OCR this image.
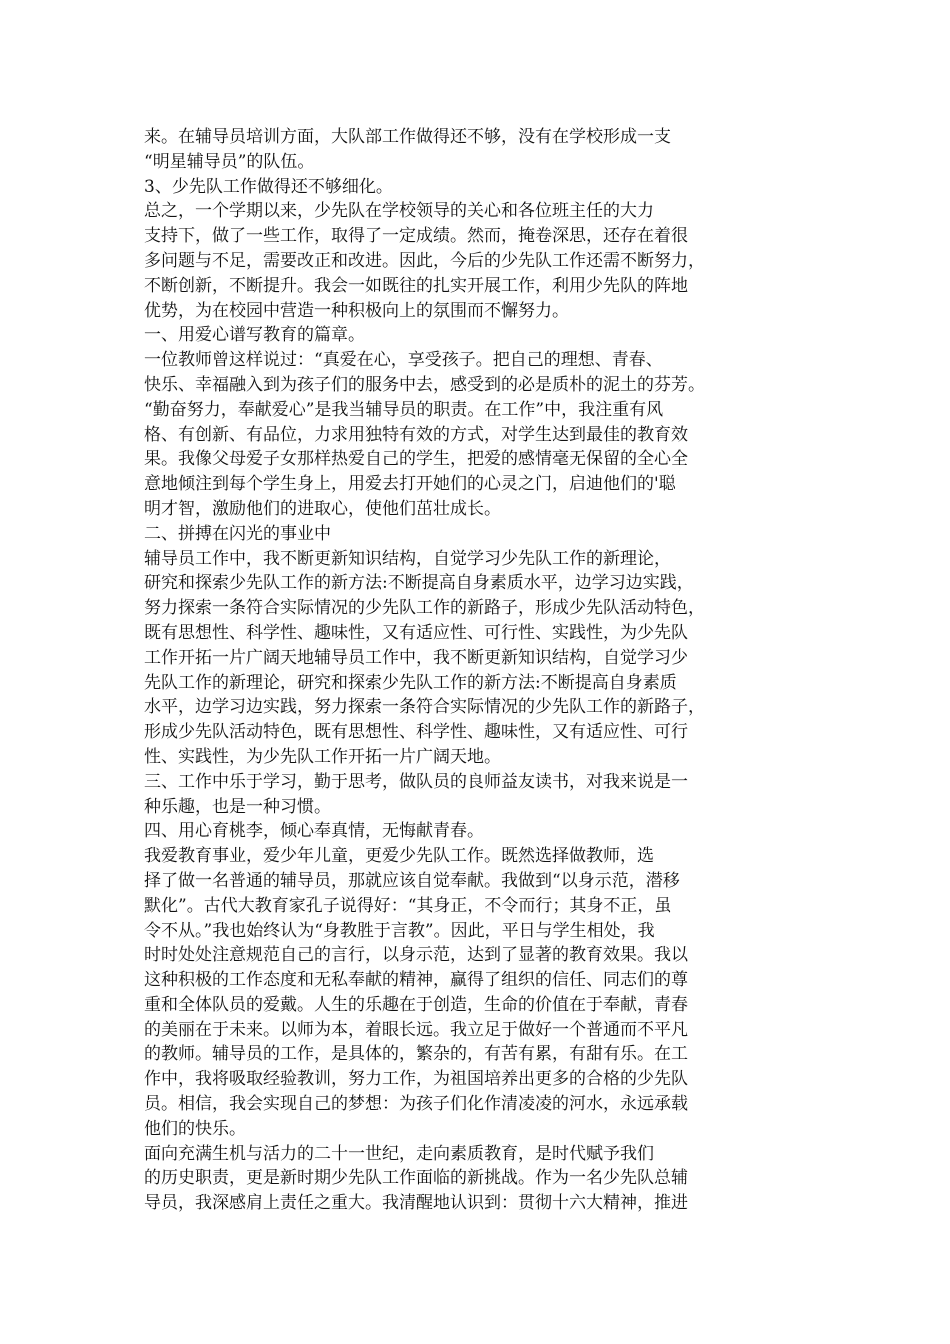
来。在辅导员培训方面，大队部工作做得还不够，没有在学校形成一支
“明星辅导员”的队伍。
3、少先队工作做得还不够细化。
总之，一个学期以来，少先队在学校领导的关心和各位班主任的大力
支持下，做了一些工作，取得了一定成绩。然而，掩卷深思，还存在着很
多问题与不足，需要改正和改进。因此，今后的少先队工作还需不断努力，
不断创新，不断提升。我会一如既往的扎实开展工作，利用少先队的阵地
优势，为在校园中营造一种积极向上的氛围而不懈努力。
一、用爱心谱写教育的篇章。
一位教师曾这样说过：“真爱在心，享受孩子。把自己的理想、青春、
快乐、幸福融入到为孩子们的服务中去，感受到的必是质朴的泥土的芬芳。
“勤奋努力，奉献爱心”是我当辅导员的职责。在工作”中，我注重有风
格、有创新、有品位，力求用独特有效的方式，对学生达到最佳的教育效
果。我像父母爱子女那样热爱自己的学生，把爱的感情毫无保留的全心全
意地倾注到每个学生身上，用爱去打开她们的心灵之门，启迪他们的'聪
明才智，激励他们的进取心，使他们茁壮成长。
二、拼搏在闪光的事业中
辅导员工作中，我不断更新知识结构，自觉学习少先队工作的新理论，
研究和探索少先队工作的新方法:不断提高自身素质水平，边学习边实践，
努力探索一条符合实际情况的少先队工作的新路子，形成少先队活动特色，
既有思想性、科学性、趣味性，又有适应性、可行性、实践性，为少先队
工作开拓一片广阔天地辅导员工作中，我不断更新知识结构，自觉学习少
先队工作的新理论，研究和探索少先队工作的新方法:不断提高自身素质
水平，边学习边实践，努力探索一条符合实际情况的少先队工作的新路子，
形成少先队活动特色，既有思想性、科学性、趣味性，又有适应性、可行
性、实践性，为少先队工作开拓一片广阔天地。
三、工作中乐于学习，勤于思考，做队员的良师益友读书，对我来说是一
种乐趣，也是一种习惯。
四、用心育桃李，倾心奉真情，无悔献青春。
我爱教育事业，爱少年儿童，更爱少先队工作。既然选择做教师，选
择了做一名普通的辅导员，那就应该自觉奉献。我做到“以身示范，潜移
默化”。古代大教育家孔子说得好：“其身正，不令而行；其身不正，虽
令不从。”我也始终认为“身教胜于言教”。因此，平日与学生相处，我
时时处处注意规范自己的言行，以身示范，达到了显著的教育效果。我以
这种积极的工作态度和无私奉献的精神，赢得了组织的信任、同志们的尊
重和全体队员的爱戴。人生的乐趣在于创造，生命的价值在于奉献，青春
的美丽在于未来。以师为本，着眼长远。我立足于做好一个普通而不平凡
的教师。辅导员的工作，是具体的，繁杂的，有苦有累，有甜有乐。在工
作中，我将吸取经验教训，努力工作，为祖国培养出更多的合格的少先队
员。相信，我会实现自己的梦想：为孩子们化作清凌凌的河水，永远承载
他们的快乐。
面向充满生机与活力的二十一世纪，走向素质教育，是时代赋予我们
的历史职责，更是新时期少先队工作面临的新挑战。作为一名少先队总辅
导员，我深感肩上责任之重大。我清醒地认识到：贯彻十六大精神，推进
